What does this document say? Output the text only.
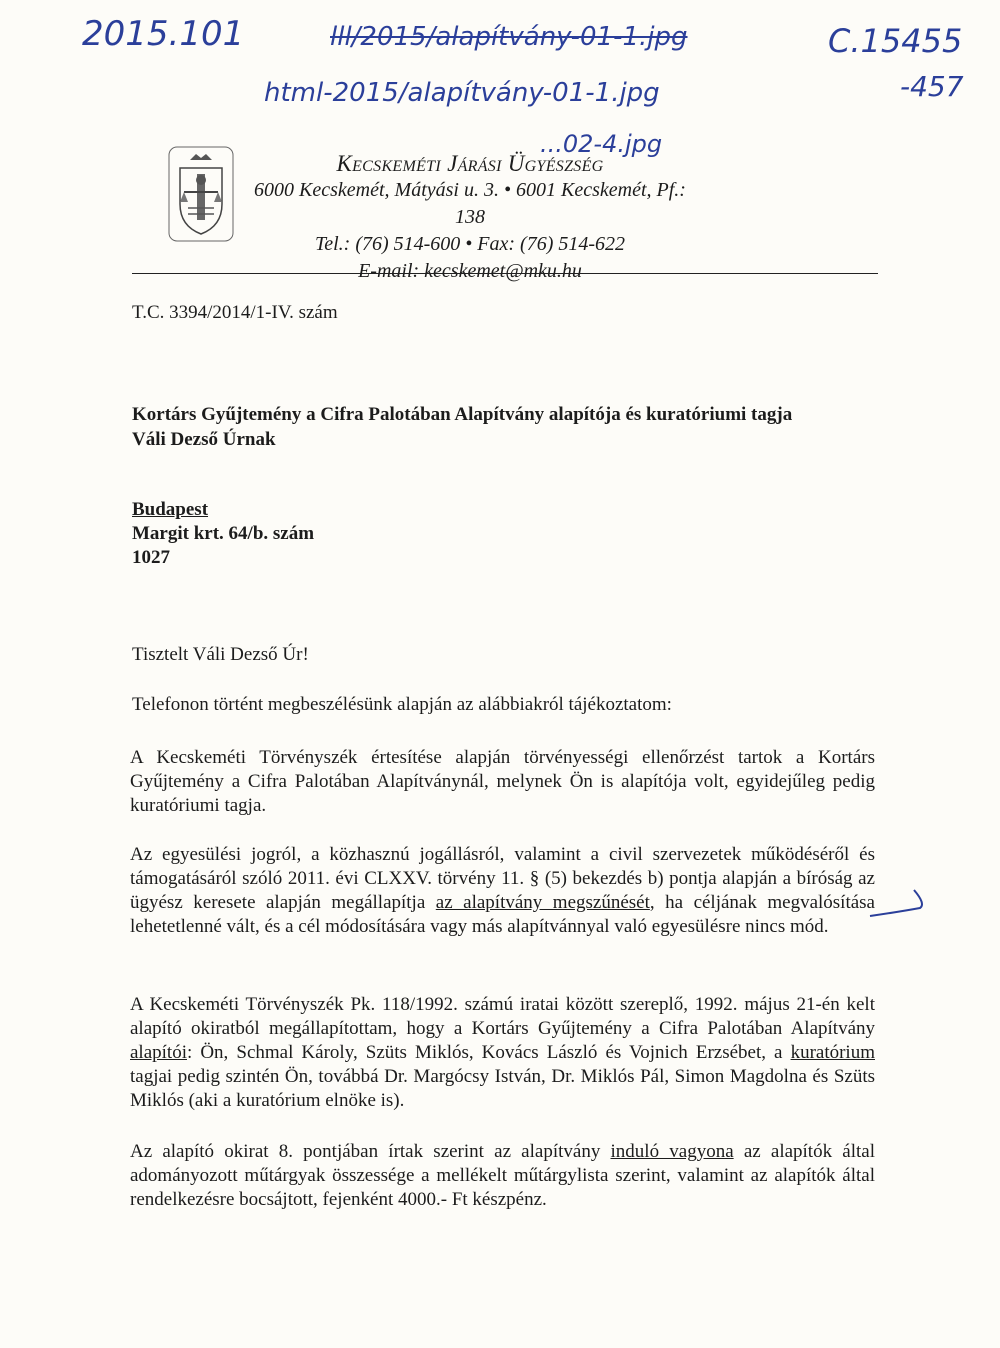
2015.101	lll/2015/alapítvány-01-1.jpg	C.15455
html-2015/alapítvány-01-1.jpg	-457
...02-4.jpg
Kecskeméti Járási Ügyészség
6000 Kecskemét, Mátyási u. 3. • 6001 Kecskemét, Pf.: 138
Tel.: (76) 514-600 • Fax: (76) 514-622
E-mail: kecskemet@mku.hu
T.C. 3394/2014/1-IV. szám
Kortárs Gyűjtemény a Cifra Palotában Alapítvány alapítója és kuratóriumi tagja
Váli Dezső Úrnak
Budapest
Margit krt. 64/b. szám
1027
Tisztelt Váli Dezső Úr!
Telefonon történt megbeszélésünk alapján az alábbiakról tájékoztatom:
A Kecskeméti Törvényszék értesítése alapján törvényességi ellenőrzést tartok a Kortárs Gyűjtemény a Cifra Palotában Alapítványnál, melynek Ön is alapítója volt, egyidejűleg pedig kuratóriumi tagja.
Az egyesülési jogról, a közhasznú jogállásról, valamint a civil szervezetek működéséről és támogatásáról szóló 2011. évi CLXXV. törvény 11. § (5) bekezdés b) pontja alapján a bíróság az ügyész keresete alapján megállapítja az alapítvány megszűnését, ha céljának megvalósítása lehetetlenné vált, és a cél módosítására vagy más alapítvánnyal való egyesülésre nincs mód.
A Kecskeméti Törvényszék Pk. 118/1992. számú iratai között szereplő, 1992. május 21-én kelt alapító okiratból megállapítottam, hogy a Kortárs Gyűjtemény a Cifra Palotában Alapítvány alapítói: Ön, Schmal Károly, Szüts Miklós, Kovács László és Vojnich Erzsébet, a kuratórium tagjai pedig szintén Ön, továbbá Dr. Margócsy István, Dr. Miklós Pál, Simon Magdolna és Szüts Miklós (aki a kuratórium elnöke is).
Az alapító okirat 8. pontjában írtak szerint az alapítvány induló vagyona az alapítók által adományozott műtárgyak összessége a mellékelt műtárgylista szerint, valamint az alapítók által rendelkezésre bocsájtott, fejenként 4000.- Ft készpénz.
